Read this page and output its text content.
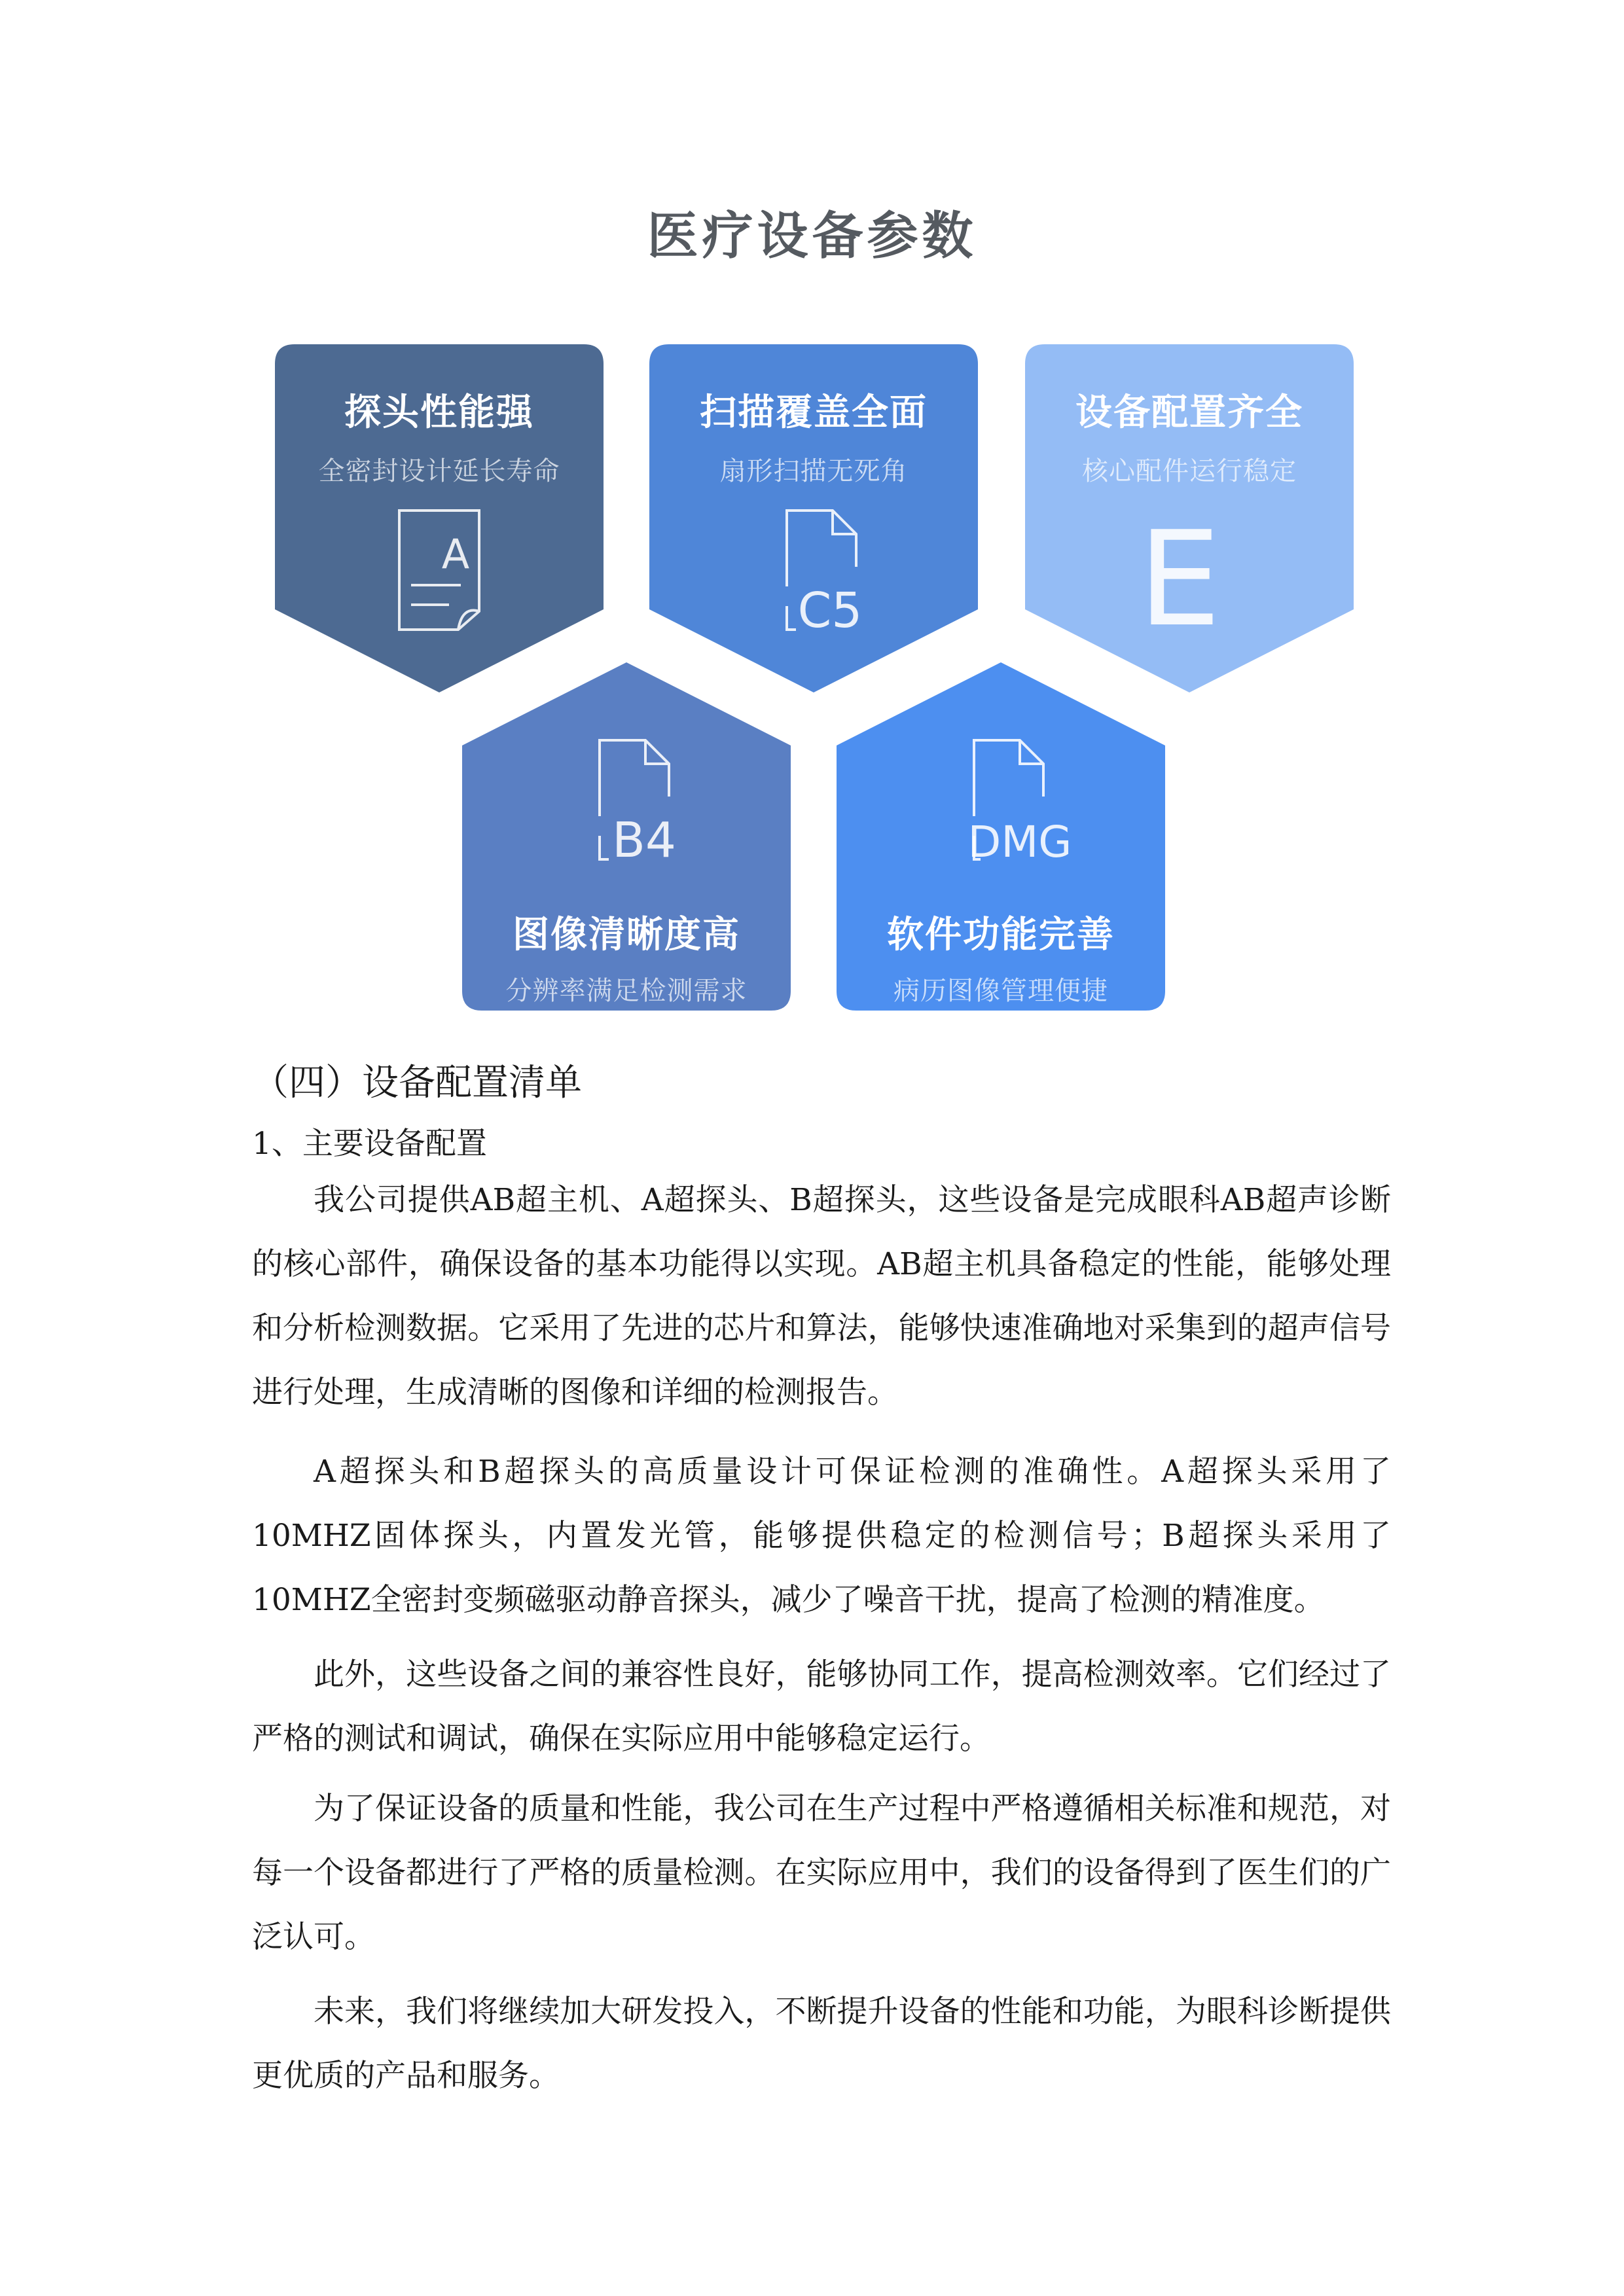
医疗设备参数
探头性能强
全密封设计延长寿命
A
扫描覆盖全面
扇形扫描无死角
C5
设备配置齐全
核心配件运行稳定
E
B4
图像清晰度高
分辨率满足检测需求
DMG
软件功能完善
病历图像管理便捷
（四）设备配置清单
1、主要设备配置

我公司提供AB超主机、A超探头、B超探头，这些设备是完成眼科AB超声诊断的核心部件，确保设备的基本功能得以实现。AB超主机具备稳定的性能，能够处理和分析检测数据。它采用了先进的芯片和算法，能够快速准确地对采集到的超声信号进行处理，生成清晰的图像和详细的检测报告。

A超探头和B超探头的高质量设计可保证检测的准确性。A超探头采用了10MHZ固体探头，内置发光管，能够提供稳定的检测信号；B超探头采用了10MHZ全密封变频磁驱动静音探头，减少了噪音干扰，提高了检测的精准度。

此外，这些设备之间的兼容性良好，能够协同工作，提高检测效率。它们经过了严格的测试和调试，确保在实际应用中能够稳定运行。

为了保证设备的质量和性能，我公司在生产过程中严格遵循相关标准和规范，对每一个设备都进行了严格的质量检测。在实际应用中，我们的设备得到了医生们的广泛认可。

未来，我们将继续加大研发投入，不断提升设备的性能和功能，为眼科诊断提供更优质的产品和服务。
